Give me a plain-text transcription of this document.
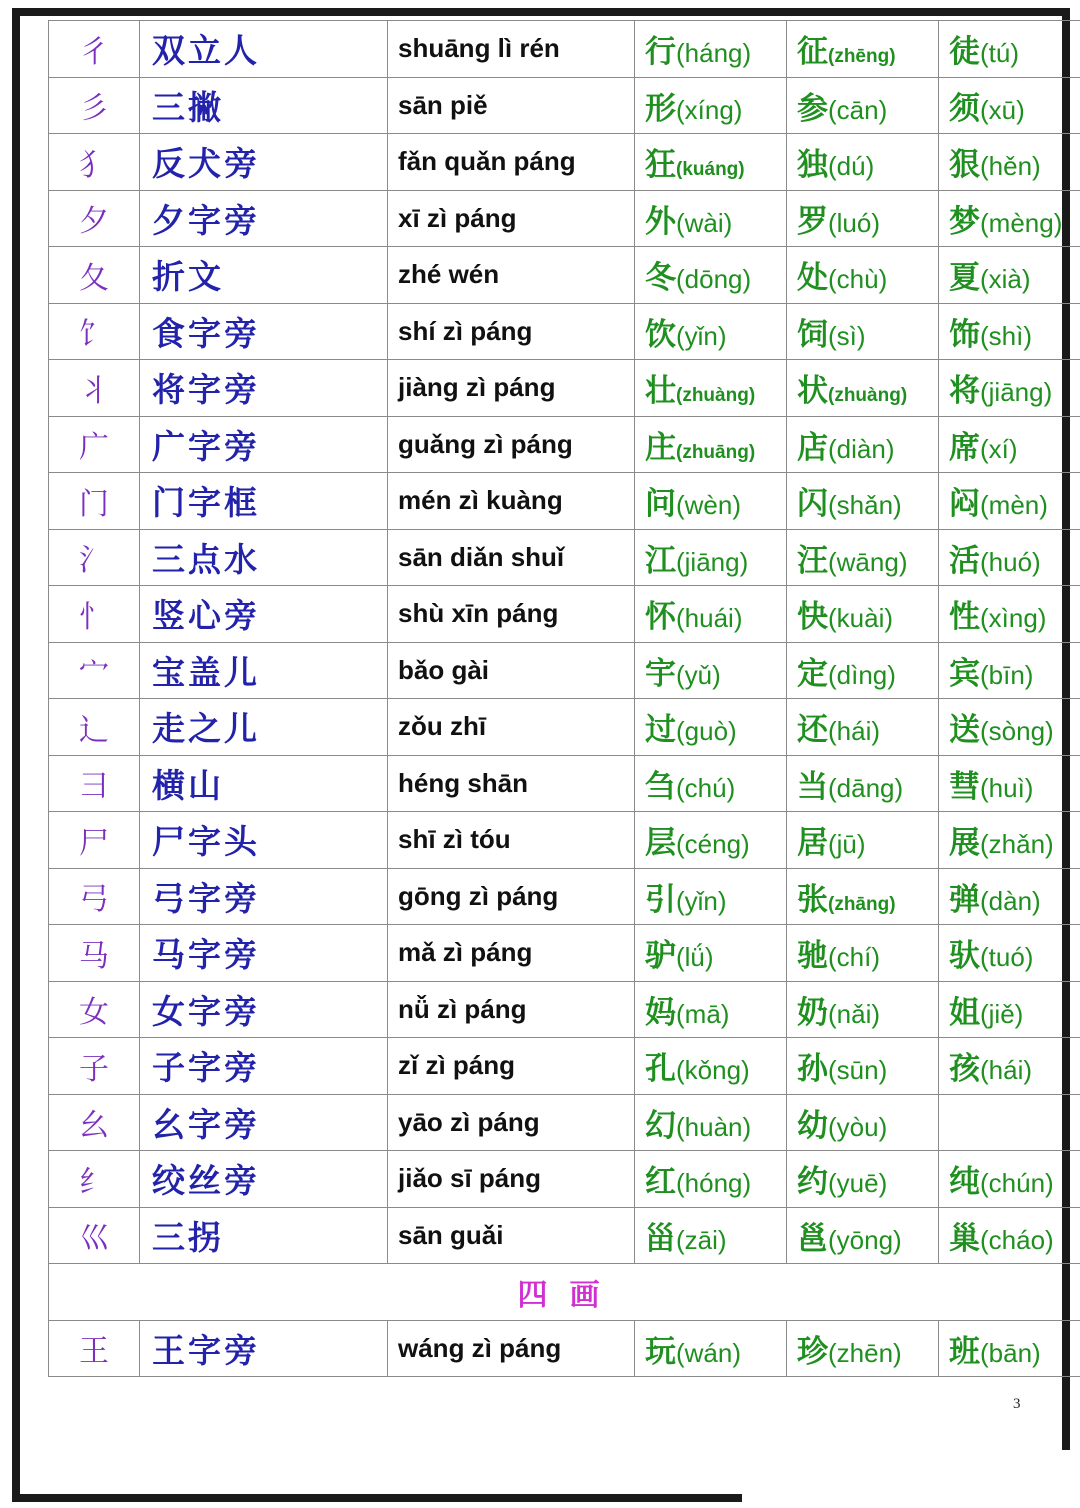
彳	双立人	shuāng lì rén	行(háng)	征(zhēng)	徒(tú)
彡	三撇	sān piě	形(xíng)	参(cān)	须(xū)
犭	反犬旁	fǎn quǎn páng	狂(kuáng)	独(dú)	狠(hěn)
夕	夕字旁	xī zì páng	外(wài)	罗(luó)	梦(mèng)
夂	折文	zhé wén	冬(dōng)	处(chù)	夏(xià)
饣	食字旁	shí zì páng	饮(yǐn)	饲(sì)	饰(shì)
丬	将字旁	jiàng zì páng	壮(zhuàng)	状(zhuàng)	将(jiāng)
广	广字旁	guǎng zì páng	庄(zhuāng)	店(diàn)	席(xí)
门	门字框	mén zì kuàng	问(wèn)	闪(shǎn)	闷(mèn)
氵	三点水	sān diǎn shuǐ	江(jiāng)	汪(wāng)	活(huó)
忄	竖心旁	shù xīn páng	怀(huái)	快(kuài)	性(xìng)
宀	宝盖儿	bǎo gài	宇(yǔ)	定(dìng)	宾(bīn)
辶	走之儿	zǒu zhī	过(guò)	还(hái)	送(sòng)
彐	横山	héng shān	刍(chú)	当(dāng)	彗(huì)
尸	尸字头	shī zì tóu	层(céng)	居(jū)	展(zhǎn)
弓	弓字旁	gōng zì páng	引(yǐn)	张(zhāng)	弹(dàn)
马	马字旁	mǎ zì páng	驴(lǘ)	驰(chí)	驮(tuó)
女	女字旁	nǚ zì páng	妈(mā)	奶(nǎi)	姐(jiě)
子	子字旁	zǐ zì páng	孔(kǒng)	孙(sūn)	孩(hái)
幺	幺字旁	yāo zì páng	幻(huàn)	幼(yòu)	
纟	绞丝旁	jiǎo sī páng	红(hóng)	约(yuē)	纯(chún)
巛	三拐	sān guǎi	甾(zāi)	邕(yōng)	巢(cháo)
四画					
王	王字旁	wáng zì páng	玩(wán)	珍(zhēn)	班(bān)
3
